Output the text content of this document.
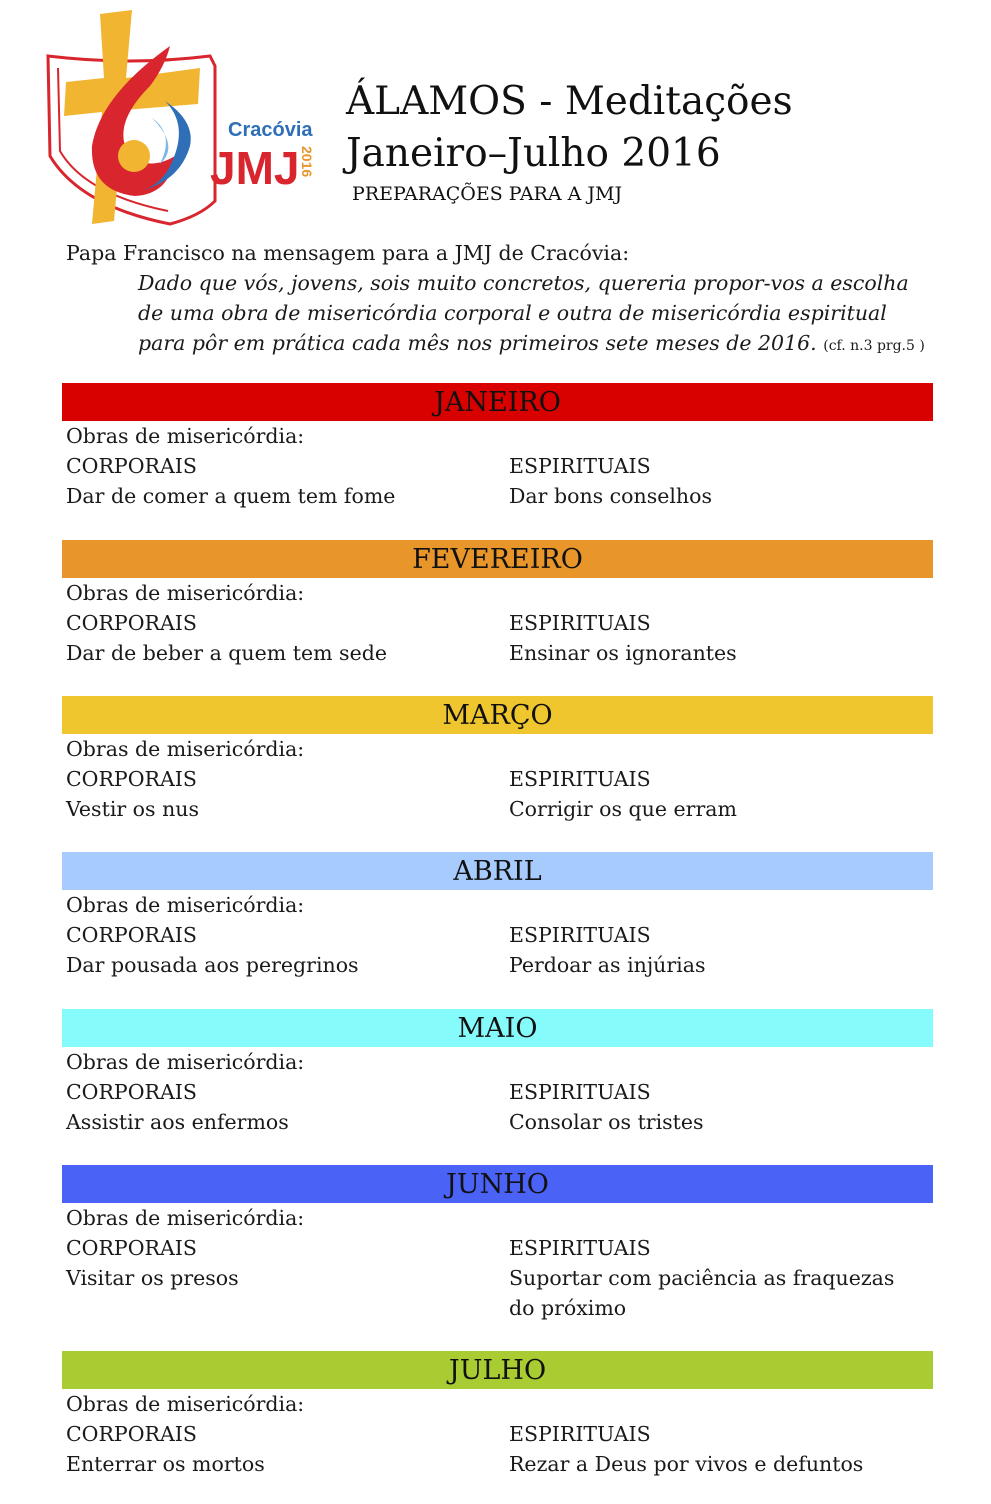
Cracóvia
JMJ 2016
ÁLAMOS - Meditações
Janeiro–Julho 2016
PREPARAÇÕES PARA A JMJ
Papa Francisco na mensagem para a JMJ de Cracóvia:
Dado que vós, jovens, sois muito concretos, quereria propor-vos a escolha
de uma obra de misericórdia corporal e outra de misericórdia espiritual
para pôr em prática cada mês nos primeiros sete meses de 2016. (cf. n.3 prg.5 )
JANEIRO
Obras de misericórdia:
CORPORAIS	ESPIRITUAIS
Dar de comer a quem tem fome	Dar bons conselhos
FEVEREIRO
Obras de misericórdia:
CORPORAIS	ESPIRITUAIS
Dar de beber a quem tem sede	Ensinar os ignorantes
MARÇO
Obras de misericórdia:
CORPORAIS	ESPIRITUAIS
Vestir os nus	Corrigir os que erram
ABRIL
Obras de misericórdia:
CORPORAIS	ESPIRITUAIS
Dar pousada aos peregrinos	Perdoar as injúrias
MAIO
Obras de misericórdia:
CORPORAIS	ESPIRITUAIS
Assistir aos enfermos	Consolar os tristes
JUNHO
Obras de misericórdia:
CORPORAIS	ESPIRITUAIS
Visitar os presos	Suportar com paciência as fraquezas
do próximo
JULHO
Obras de misericórdia:
CORPORAIS	ESPIRITUAIS
Enterrar os mortos	Rezar a Deus por vivos e defuntos
